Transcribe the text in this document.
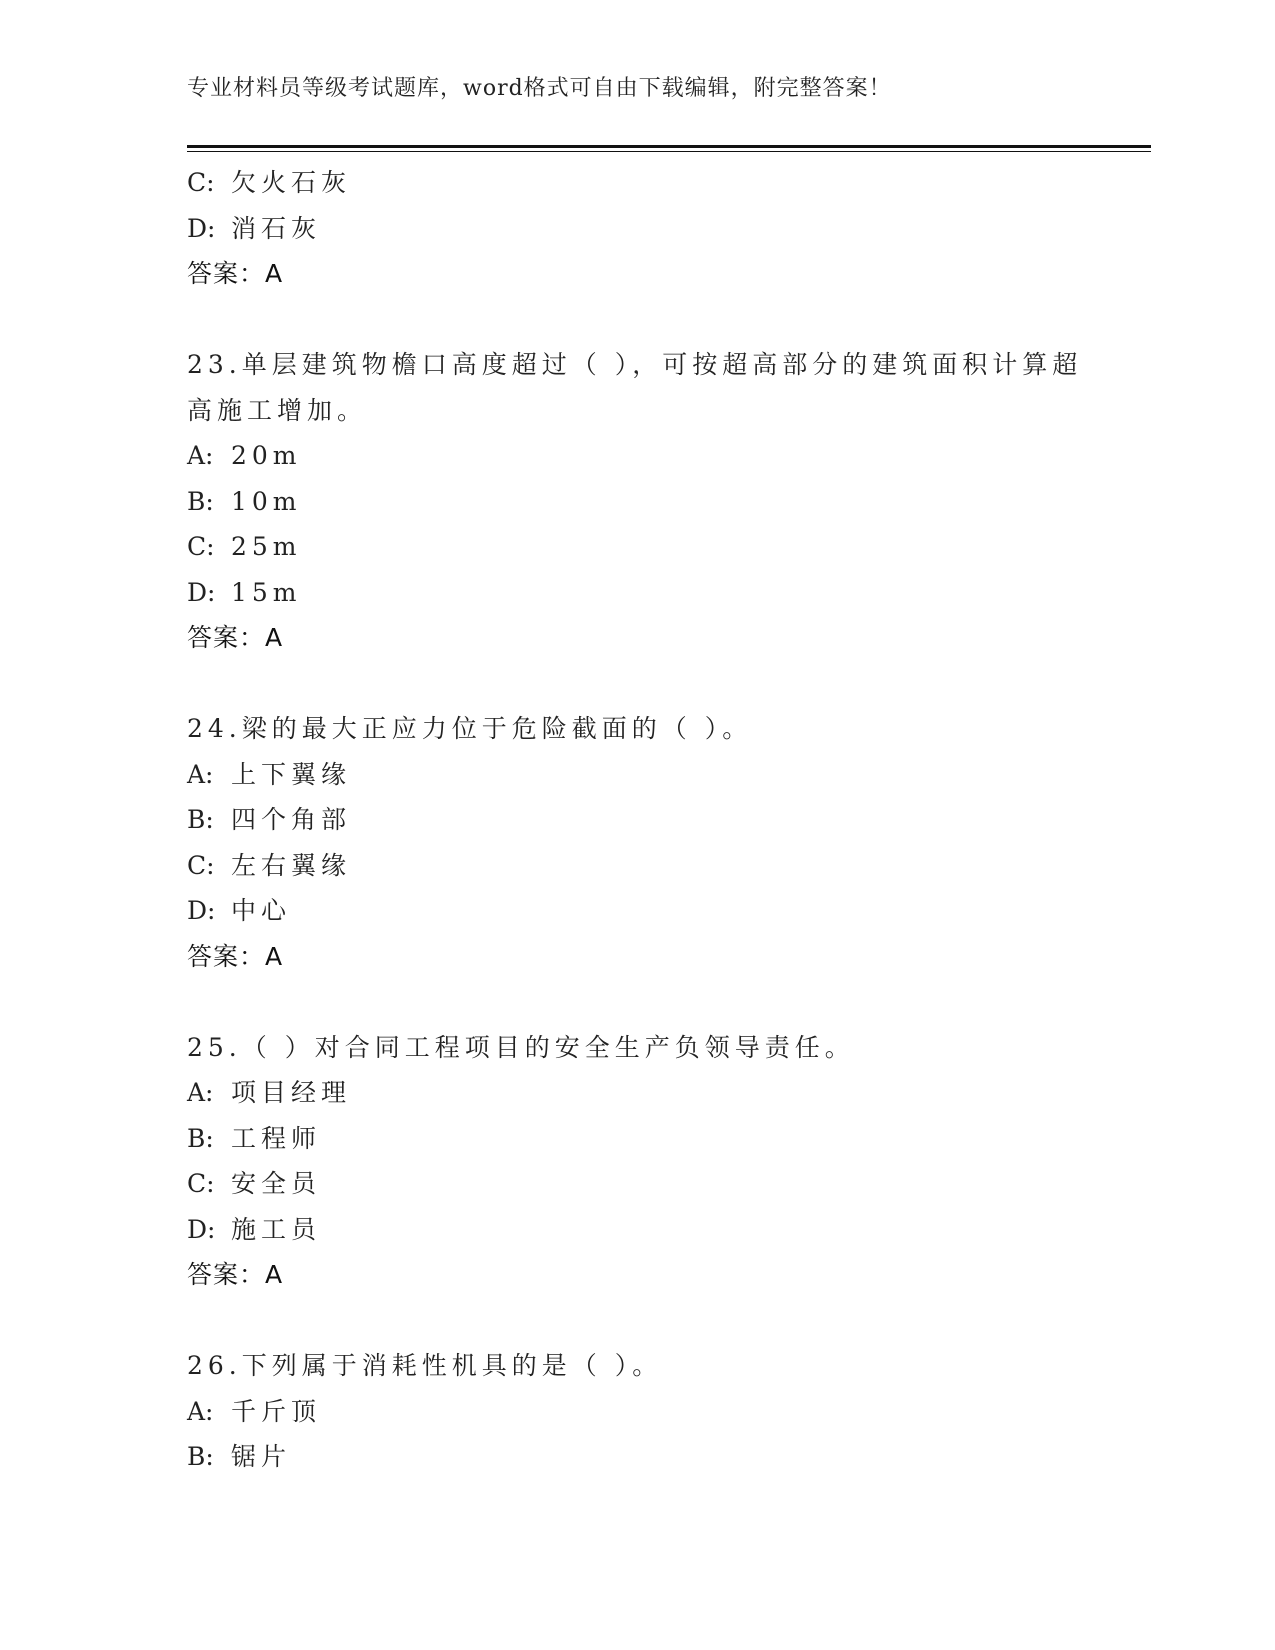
专业材料员等级考试题库，word格式可自由下载编辑，附完整答案！
C: 欠火石灰
D: 消石灰
答案：A
23.单层建筑物檐口高度超过（ ），可按超高部分的建筑面积计算超
高施工增加。
A: 20m
B: 10m
C: 25m
D: 15m
答案：A
24.梁的最大正应力位于危险截面的（ ）。
A: 上下翼缘
B: 四个角部
C: 左右翼缘
D: 中心
答案：A
25.（ ）对合同工程项目的安全生产负领导责任。
A: 项目经理
B: 工程师
C: 安全员
D: 施工员
答案：A
26.下列属于消耗性机具的是（ ）。
A: 千斤顶
B: 锯片
